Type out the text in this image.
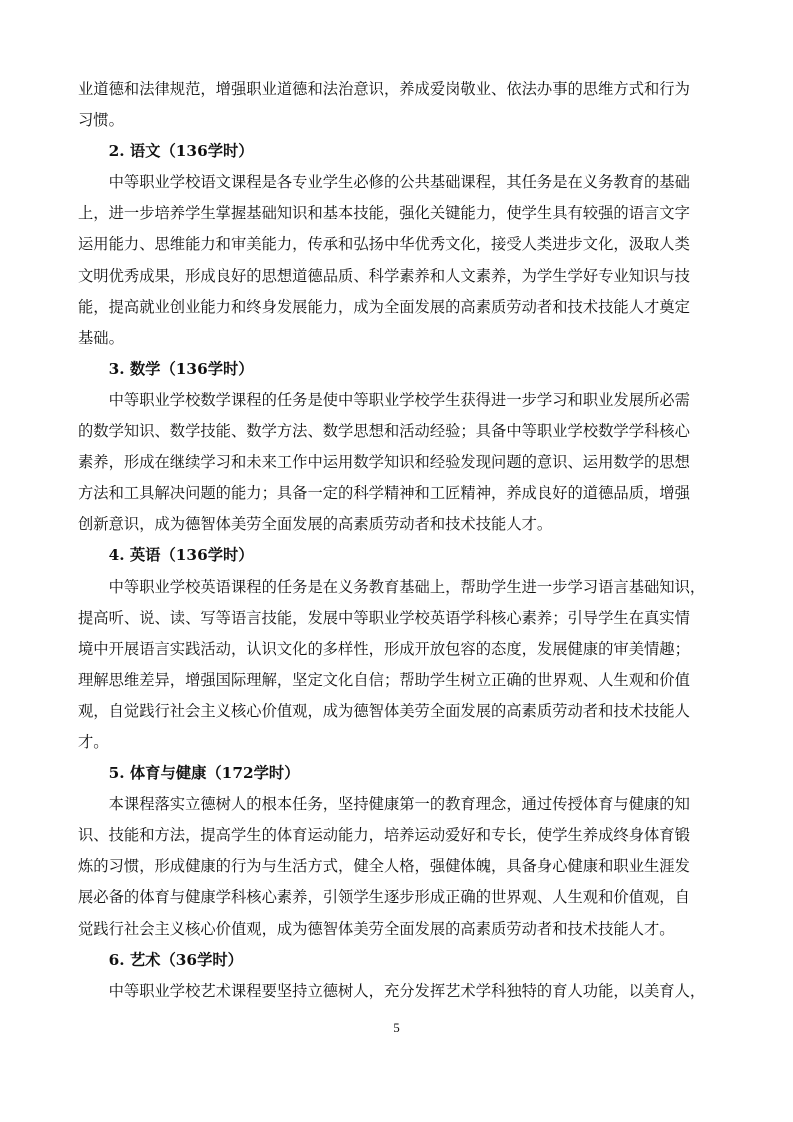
业道德和法律规范，增强职业道德和法治意识，养成爱岗敬业、依法办事的思维方式和行为
习惯。
2. 语文（136学时）
中等职业学校语文课程是各专业学生必修的公共基础课程，其任务是在义务教育的基础
上，进一步培养学生掌握基础知识和基本技能，强化关键能力，使学生具有较强的语言文字
运用能力、思维能力和审美能力，传承和弘扬中华优秀文化，接受人类进步文化，汲取人类
文明优秀成果，形成良好的思想道德品质、科学素养和人文素养，为学生学好专业知识与技
能，提高就业创业能力和终身发展能力，成为全面发展的高素质劳动者和技术技能人才奠定
基础。
3. 数学（136学时）
中等职业学校数学课程的任务是使中等职业学校学生获得进一步学习和职业发展所必需
的数学知识、数学技能、数学方法、数学思想和活动经验；具备中等职业学校数学学科核心
素养，形成在继续学习和未来工作中运用数学知识和经验发现问题的意识、运用数学的思想
方法和工具解决问题的能力；具备一定的科学精神和工匠精神，养成良好的道德品质，增强
创新意识，成为德智体美劳全面发展的高素质劳动者和技术技能人才。
4. 英语（136学时）
中等职业学校英语课程的任务是在义务教育基础上，帮助学生进一步学习语言基础知识，
提高听、说、读、写等语言技能，发展中等职业学校英语学科核心素养；引导学生在真实情
境中开展语言实践活动，认识文化的多样性，形成开放包容的态度，发展健康的审美情趣；
理解思维差异，增强国际理解，坚定文化自信；帮助学生树立正确的世界观、人生观和价值
观，自觉践行社会主义核心价值观，成为德智体美劳全面发展的高素质劳动者和技术技能人
才。
5. 体育与健康（172学时）
本课程落实立德树人的根本任务，坚持健康第一的教育理念，通过传授体育与健康的知
识、技能和方法，提高学生的体育运动能力，培养运动爱好和专长，使学生养成终身体育锻
炼的习惯，形成健康的行为与生活方式，健全人格，强健体魄，具备身心健康和职业生涯发
展必备的体育与健康学科核心素养，引领学生逐步形成正确的世界观、人生观和价值观，自
觉践行社会主义核心价值观，成为德智体美劳全面发展的高素质劳动者和技术技能人才。
6. 艺术（36学时）
中等职业学校艺术课程要坚持立德树人，充分发挥艺术学科独特的育人功能，以美育人，
5
